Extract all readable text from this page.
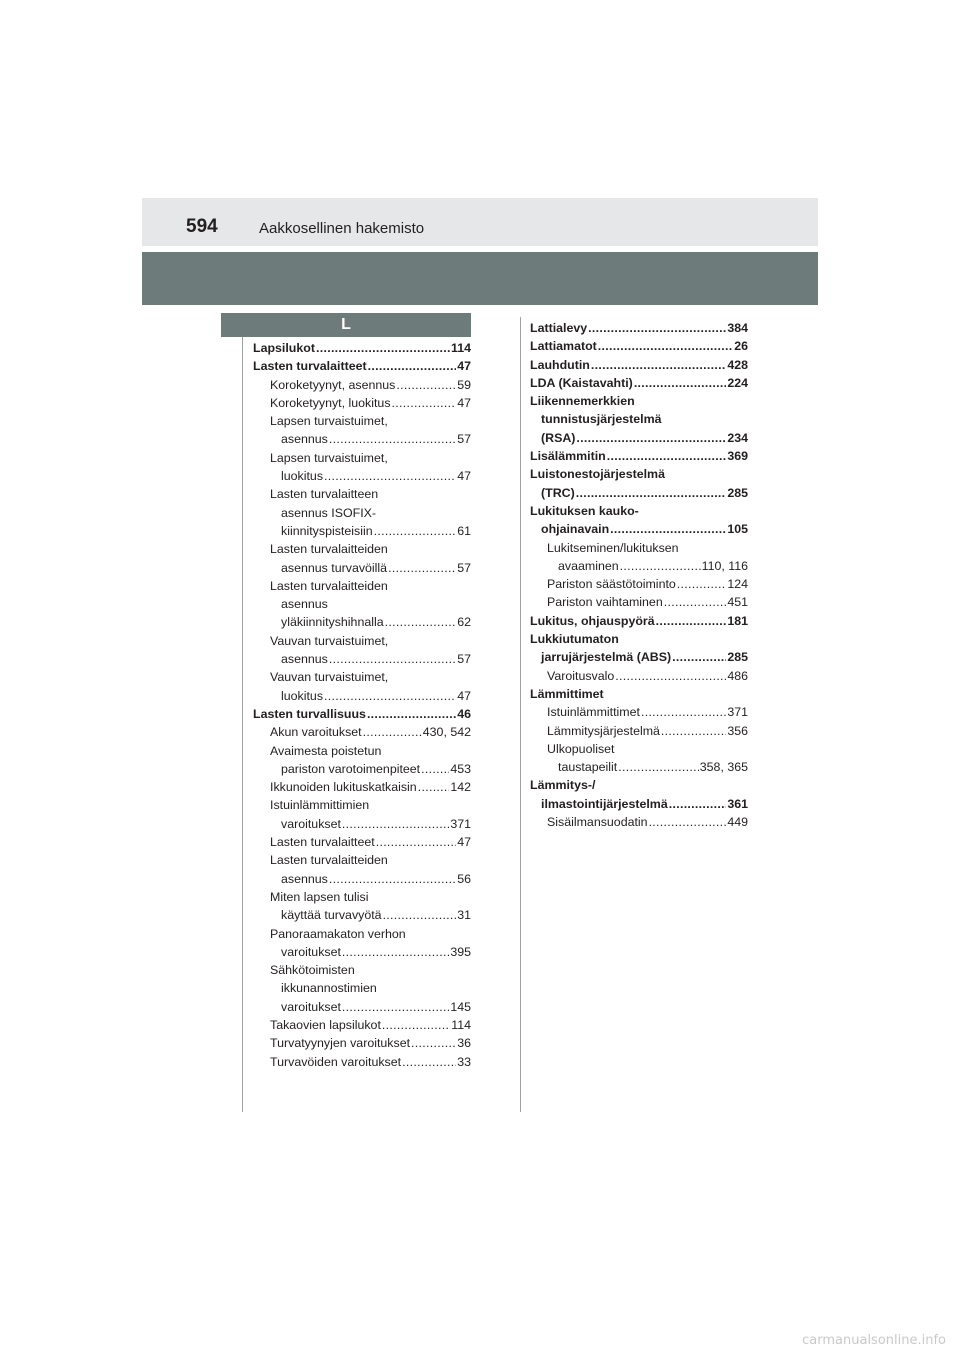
594	Aakkosellinen hakemisto
L
Lapsilukot .....	114
Lasten turvalaitteet .....	47
Koroketyynyt, asennus .....	59
Koroketyynyt, luokitus .....	47
Lapsen turvaistuimet,
asennus .....	57
Lapsen turvaistuimet,
luokitus .....	47
Lasten turvalaitteen
asennus ISOFIX-
kiinnityspisteisiin .....	61
Lasten turvalaitteiden
asennus turvavöillä .....	57
Lasten turvalaitteiden
asennus
yläkiinnityshihnalla .....	62
Vauvan turvaistuimet,
asennus .....	57
Vauvan turvaistuimet,
luokitus .....	47
Lasten turvallisuus .....	46
Akun varoitukset .....	430, 542
Avaimesta poistetun
pariston varotoimenpiteet ..... 453
Ikkunoiden lukituskatkaisin .....	142
Istuinlämmittimien
varoitukset .....	371
Lasten turvalaitteet .....	47
Lasten turvalaitteiden
asennus .....	56
Miten lapsen tulisi
käyttää turvavyötä .....	31
Panoraamakaton verhon
varoitukset .....	395
Sähkötoimisten
ikkunannostimien
varoitukset .....	145
Takaovien lapsilukot .....	114
Turvatyynyjen varoitukset .....	36
Turvavöiden varoitukset .....	33
Lattialevy .....	384
Lattiamatot .....	26
Lauhdutin .....	428
LDA (Kaistavahti) .....	224
Liikennemerkkien
tunnistusjärjestelmä
(RSA) .....	234
Lisälämmitin .....	369
Luistonestojärjestelmä
(TRC) .....	285
Lukituksen kauko-
ohjainavain .....	105
Lukitseminen/lukituksen
avaaminen .....	110, 116
Pariston säästötoiminto .....	124
Pariston vaihtaminen .....	451
Lukitus, ohjauspyörä .....	181
Lukkiutumaton
jarrujärjestelmä (ABS) .....	285
Varoitusvalo .....	486
Lämmittimet
Istuinlämmittimet .....	371
Lämmitysjärjestelmä .....	356
Ulkopuoliset
taustapeilit .....	358, 365
Lämmitys-/
ilmastointijärjestelmä .....	361
Sisäilmansuodatin .....	449
carmanualsonline.info
